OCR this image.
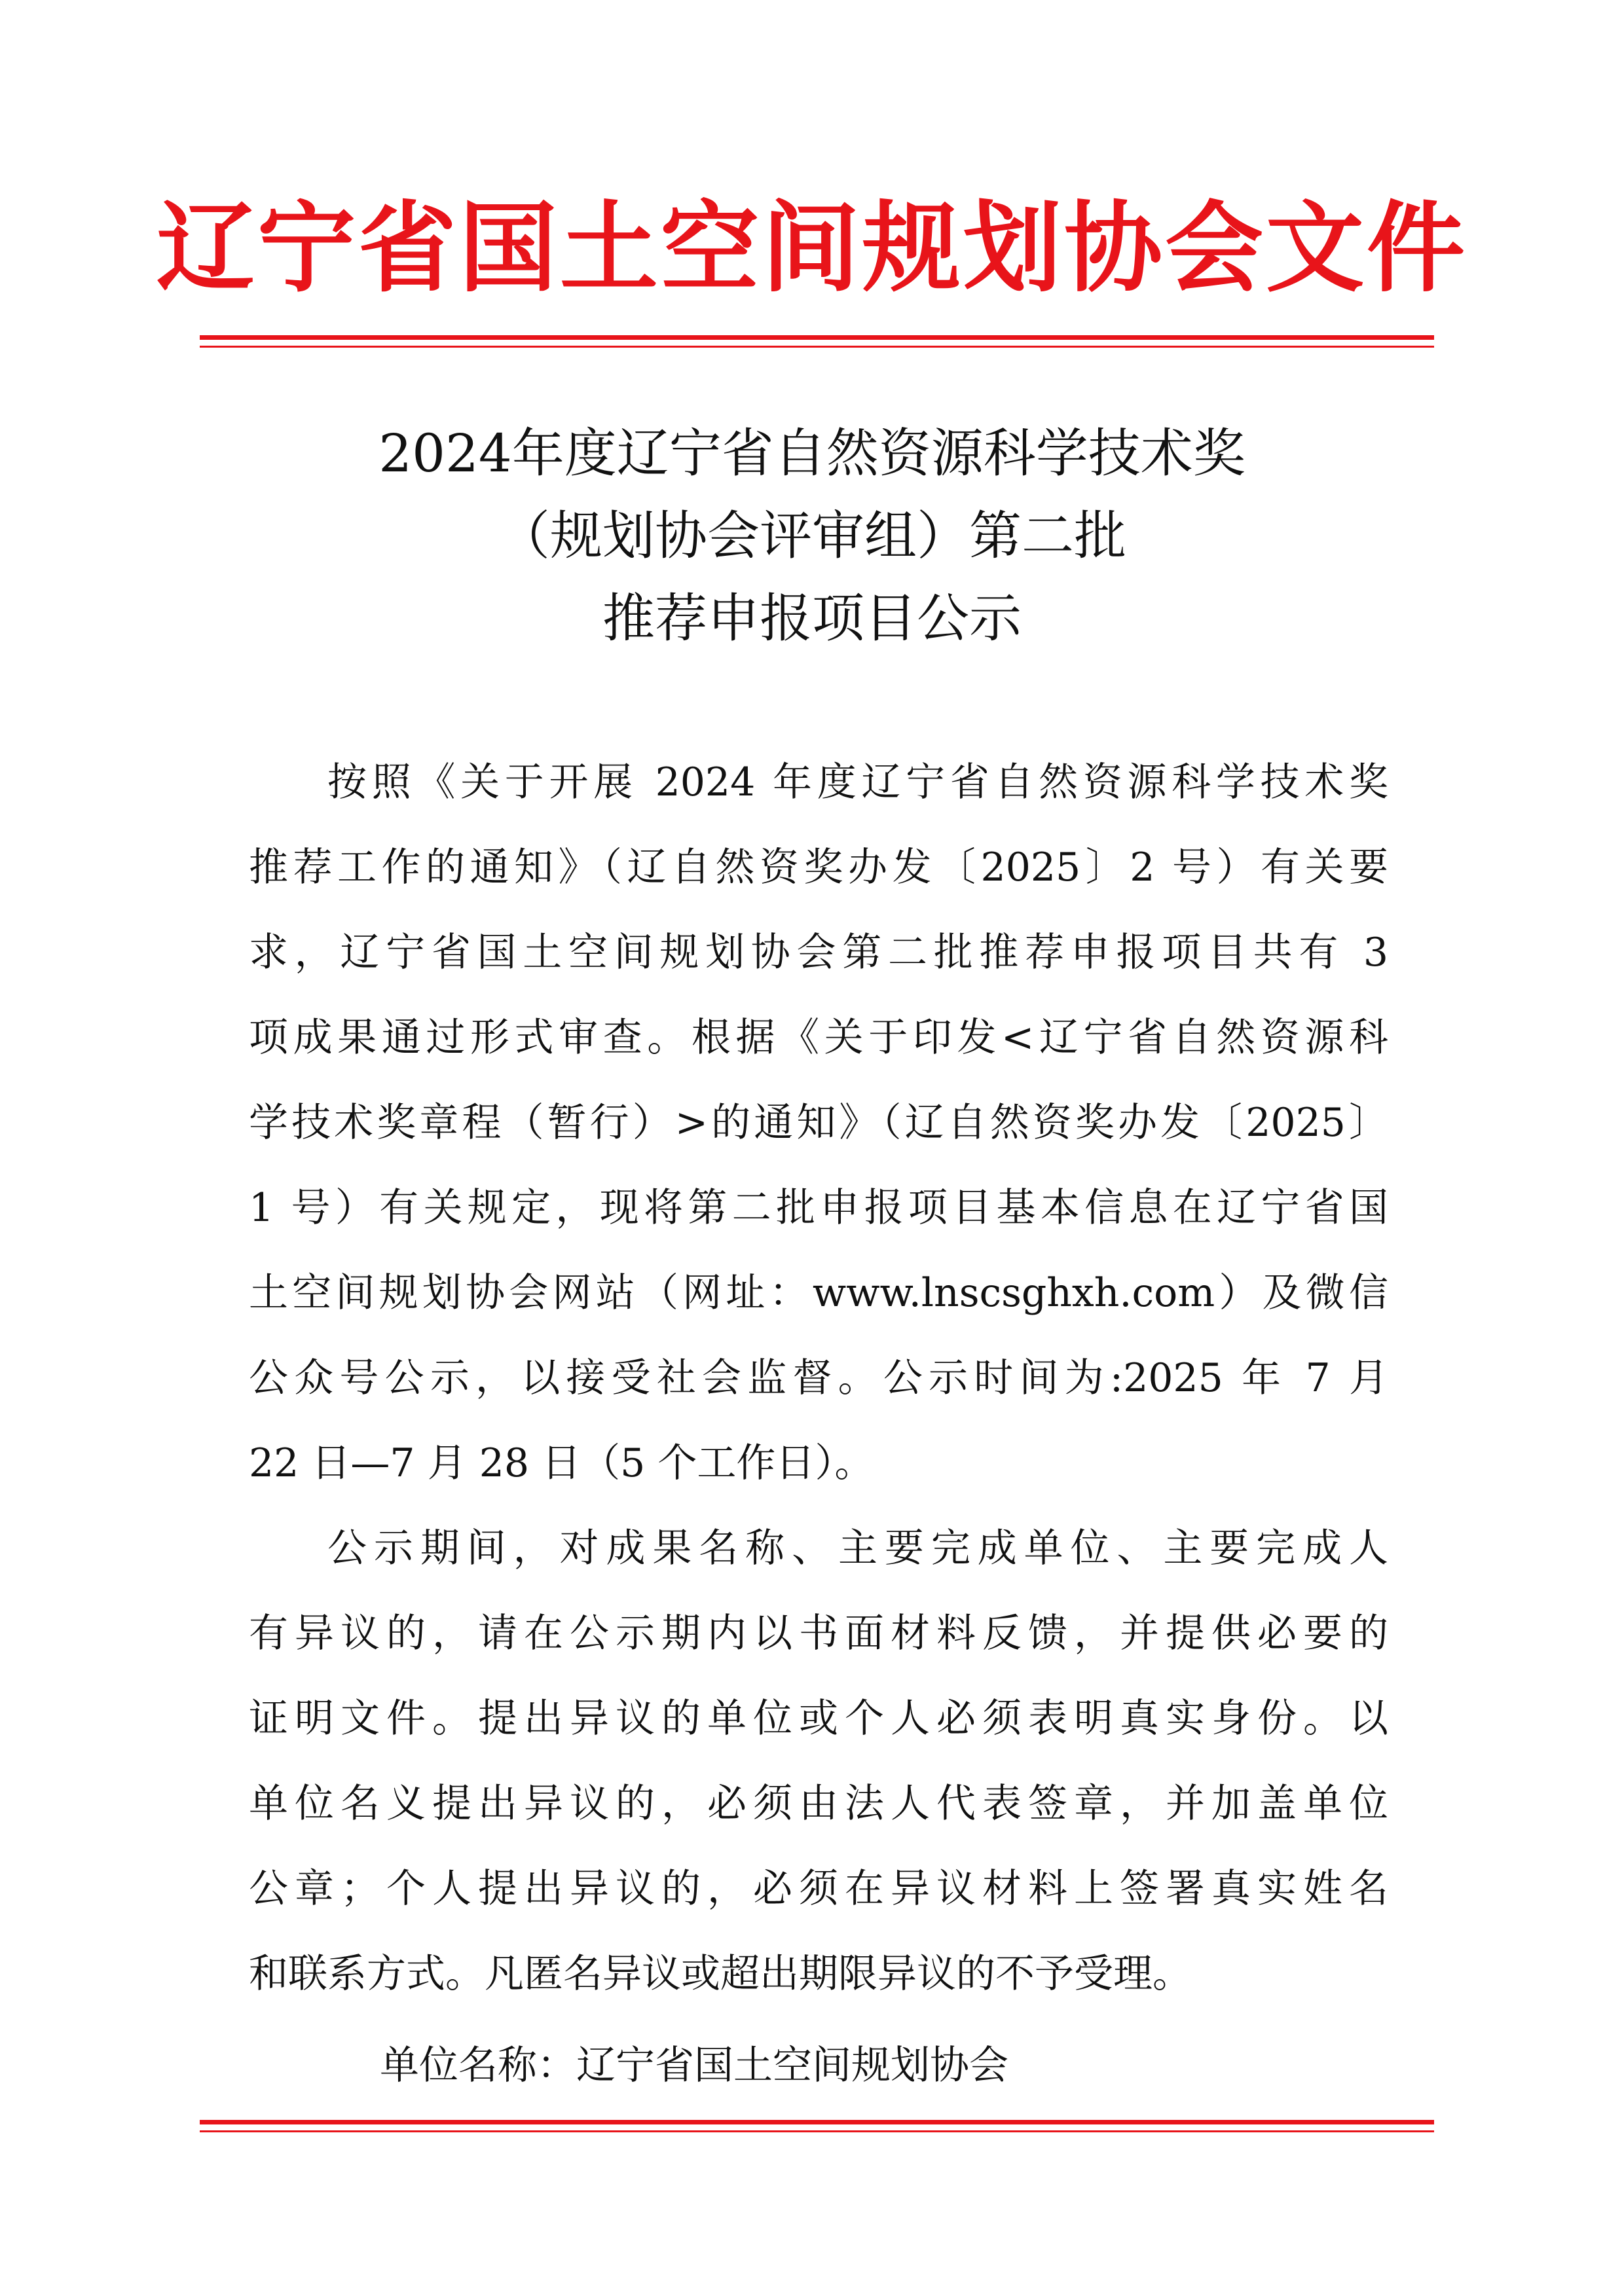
辽宁省国土空间规划协会文件
2024年度辽宁省自然资源科学技术奖
（规划协会评审组）第二批
推荐申报项目公示
按照《关于开展 2024 年度辽宁省自然资源科学技术奖
推荐工作的通知》（辽自然资奖办发〔2025〕2 号）有关要
求，辽宁省国土空间规划协会第二批推荐申报项目共有 3
项成果通过形式审查。根据《关于印发<辽宁省自然资源科
学技术奖章程（暂行）>的通知》（辽自然资奖办发〔2025〕
1 号）有关规定，现将第二批申报项目基本信息在辽宁省国
土空间规划协会网站（网址：www.lnscsghxh.com）及微信
公众号公示，以接受社会监督。公示时间为:2025 年 7 月
22 日—7 月 28 日（5 个工作日）。
公示期间，对成果名称、主要完成单位、主要完成人
有异议的，请在公示期内以书面材料反馈，并提供必要的
证明文件。提出异议的单位或个人必须表明真实身份。以
单位名义提出异议的，必须由法人代表签章，并加盖单位
公章；个人提出异议的，必须在异议材料上签署真实姓名
和联系方式。凡匿名异议或超出期限异议的不予受理。
单位名称：辽宁省国土空间规划协会
